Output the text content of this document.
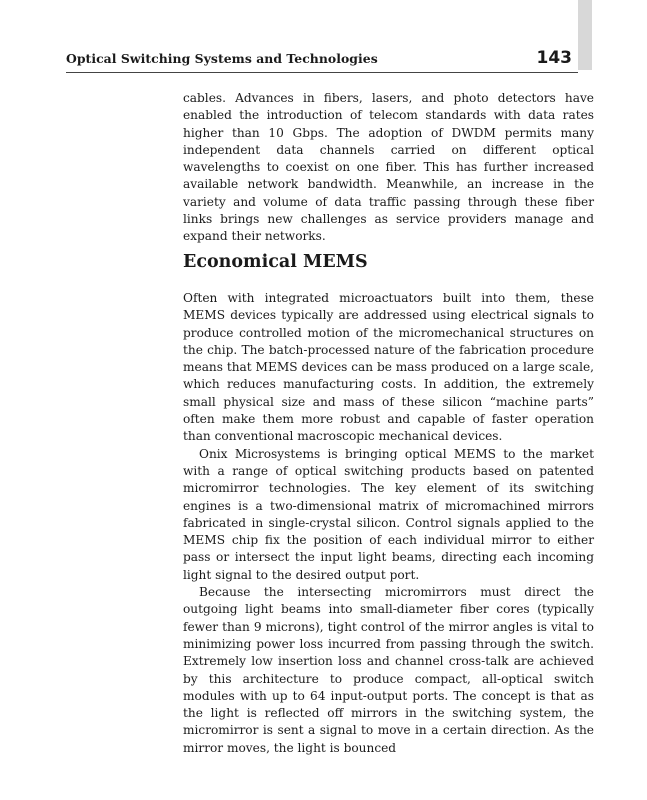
Optical Switching Systems and Technologies	143

cables. Advances in fibers, lasers, and photo detectors have enabled the introduction of telecom standards with data rates higher than 10 Gbps. The adoption of DWDM permits many independent data channels carried on different optical wavelengths to coexist on one fiber. This has further increased available network bandwidth. Meanwhile, an increase in the variety and volume of data traffic passing through these fiber links brings new challenges as service providers manage and expand their networks.

Economical MEMS

Often with integrated microactuators built into them, these MEMS devices typically are addressed using electrical signals to produce controlled motion of the micromechanical structures on the chip. The batch-processed nature of the fabrication procedure means that MEMS devices can be mass produced on a large scale, which reduces manufacturing costs. In addition, the extremely small physical size and mass of these silicon “machine parts” often make them more robust and capable of faster operation than conventional macroscopic mechanical devices.

Onix Microsystems is bringing optical MEMS to the market with a range of optical switching products based on patented micromirror technologies. The key element of its switching engines is a two-dimensional matrix of micromachined mirrors fabricated in single-crystal silicon. Control signals applied to the MEMS chip fix the position of each individual mirror to either pass or intersect the input light beams, directing each incoming light signal to the desired output port.

Because the intersecting micromirrors must direct the outgoing light beams into small-diameter fiber cores (typically fewer than 9 microns), tight control of the mirror angles is vital to minimizing power loss incurred from passing through the switch. Extremely low insertion loss and channel cross-talk are achieved by this architecture to produce compact, all-optical switch modules with up to 64 input-output ports. The concept is that as the light is reflected off mirrors in the switching system, the micromirror is sent a signal to move in a certain direction. As the mirror moves, the light is bounced
